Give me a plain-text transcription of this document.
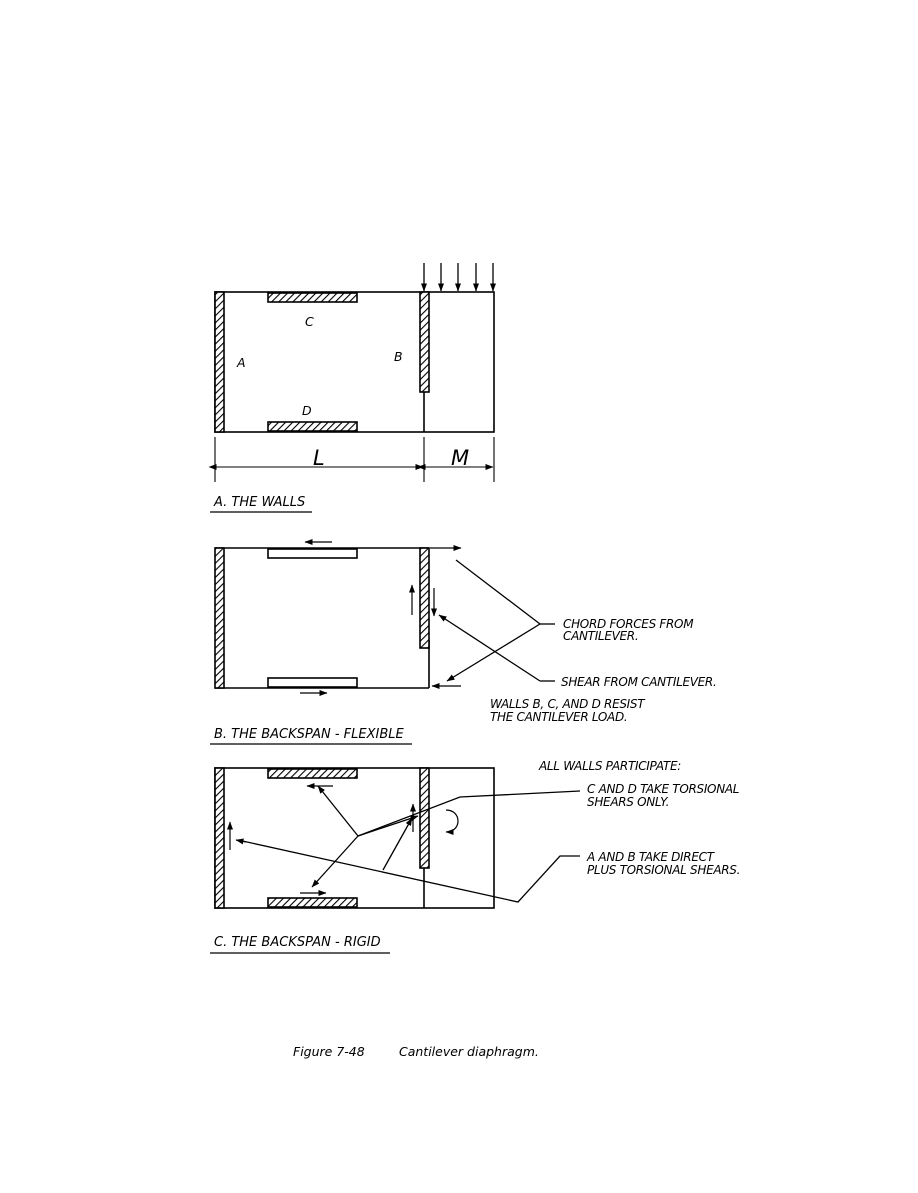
C
A	B
D
L	M
A. THE WALLS
CHORD FORCES FROM
CANTILEVER.
SHEAR FROM CANTILEVER.
WALLS B, C, AND D RESIST
THE CANTILEVER LOAD.
B. THE BACKSPAN - FLEXIBLE
ALL WALLS PARTICIPATE:
C AND D TAKE TORSIONAL
SHEARS ONLY.
A AND B TAKE DIRECT
PLUS TORSIONAL SHEARS.
C. THE BACKSPAN - RIGID
Figure 7-48	Cantilever diaphragm.
